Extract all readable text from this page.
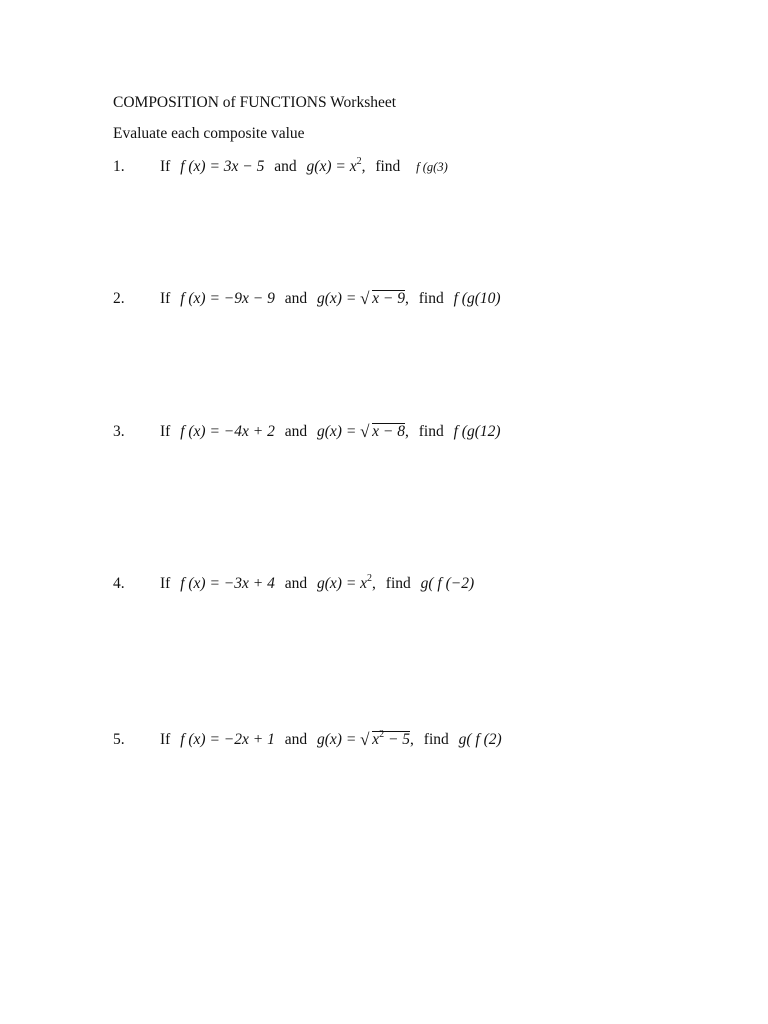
COMPOSITION of FUNCTIONS Worksheet
Evaluate each composite value
1. If f (x) = 3x − 5 and $g(x) = x^2$, find f (g(3)
2. If f (x) = −9x − 9 and g(x) = √ x − 9, find f (g(10)
3. If f (x) = −4x + 2 and g(x) = √ x − 8, find f (g(12)
4. If f (x) = −3x + 4 and $g(x) = x^2$, find g( f (−2)
5. If f (x) = −2x + 1 and g(x) = √ $x^2 - 5$, find g( f (2)
